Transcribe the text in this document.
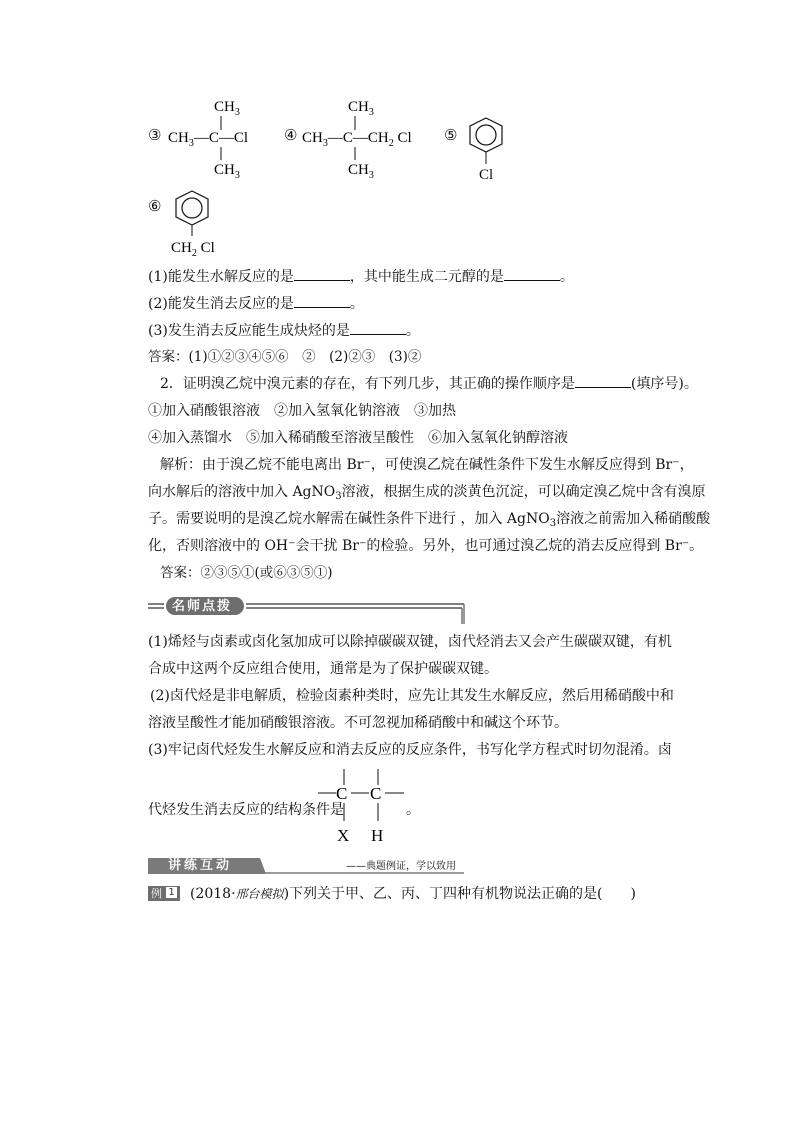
③ $CH_3—C—Cl$
$CH_3$
$CH_3$
④ $CH_3—C—CH_2$ Cl
$CH_3$
$CH_3$
⑤
Cl
⑥
$CH_2$ Cl
(1)能发生水解反应的是	，其中能生成二元醇的是	。
(2)能发生消去反应的是	。
(3)发生消去反应能生成炔烃的是	。
答案：(1)①②③④⑤⑥　②　(2)②③　(3)②
2．证明溴乙烷中溴元素的存在，有下列几步，其正确的操作顺序是	(填序号)。
①加入硝酸银溶液　②加入氢氧化钠溶液　③加热
④加入蒸馏水　⑤加入稀硝酸至溶液呈酸性　⑥加入氢氧化钠醇溶液
解析：由于溴乙烷不能电离出 Br⁻，可使溴乙烷在碱性条件下发生水解反应得到 Br⁻，
向水解后的溶液中加入 AgNO$_3$溶液，根据生成的淡黄色沉淀，可以确定溴乙烷中含有溴原
子。需要说明的是溴乙烷水解需在碱性条件下进行 ，加入 AgNO$_3$溶液之前需加入稀硝酸酸
化，否则溶液中的 OH⁻会干扰 Br⁻的检验。另外，也可通过溴乙烷的消去反应得到 Br⁻。
答案：②③⑤①(或⑥③⑤①)
名师点拨
(1)烯烃与卤素或卤化氢加成可以除掉碳碳双键，卤代烃消去又会产生碳碳双键，有机
合成中这两个反应组合使用，通常是为了保护碳碳双键。
(2)卤代烃是非电解质，检验卤素种类时，应先让其发生水解反应，然后用稀硝酸中和
溶液呈酸性才能加硝酸银溶液。不可忽视加稀硝酸中和碱这个环节。
(3)牢记卤代烃发生水解反应和消去反应的反应条件，书写化学方程式时切勿混淆。卤
代烃发生消去反应的结构条件是
C C
X H
。
讲练互动	——典题例证，学以致用
例 1 (2018·邢台模拟)下列关于甲、乙、丙、丁四种有机物说法正确的是(　　)
